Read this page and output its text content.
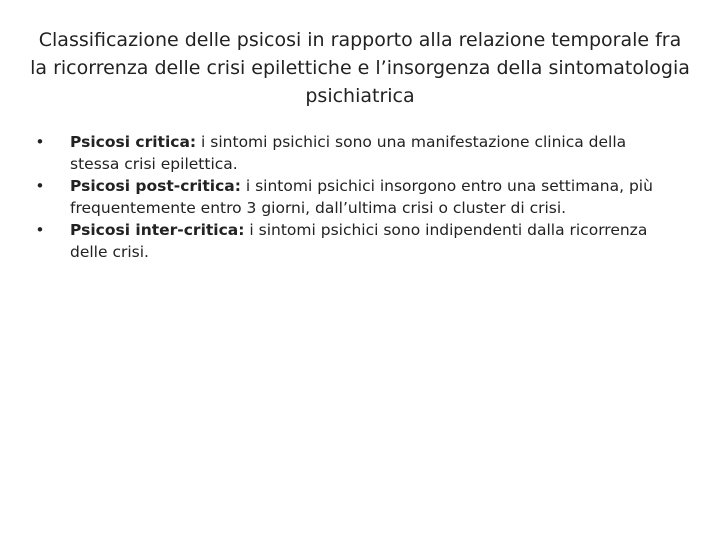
Classificazione delle psicosi in rapporto alla relazione temporale fra la ricorrenza delle crisi epilettiche e l’insorgenza della sintomatologia psichiatrica
•	Psicosi critica: i sintomi psichici sono una manifestazione clinica della stessa crisi epilettica.
•	Psicosi post-critica: i sintomi psichici insorgono entro una settimana, più frequentemente entro 3 giorni, dall’ultima crisi o cluster di crisi.
•	Psicosi inter-critica: i sintomi psichici sono indipendenti dalla ricorrenza delle crisi.
